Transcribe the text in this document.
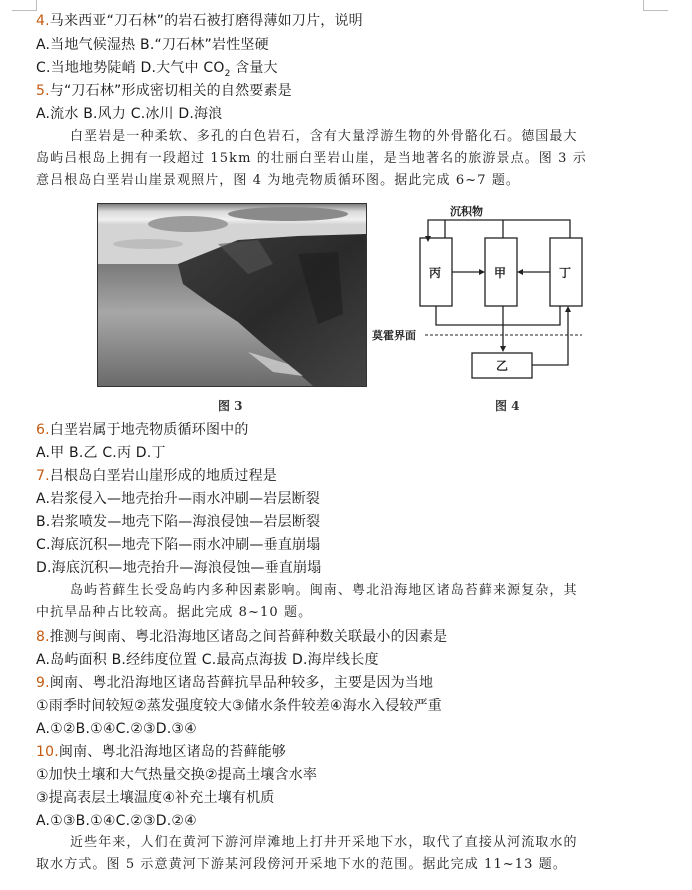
4.马来西亚“刀石林”的岩石被打磨得薄如刀片，说明
A.当地气候湿热 B.“刀石林”岩性坚硬
C.当地地势陡峭 D.大气中 $CO_2$ 含量大
5.与“刀石林”形成密切相关的自然要素是
A.流水 B.风力 C.冰川 D.海浪
白垩岩是一种柔软、多孔的白色岩石，含有大量浮游生物的外骨骼化石。德国最大
岛屿吕根岛上拥有一段超过 15km 的壮丽白垩岩山崖，是当地著名的旅游景点。图 3 示
意吕根岛白垩岩山崖景观照片，图 4 为地壳物质循环图。据此完成 6~7 题。
图 3
沉积物
丙	甲	丁
乙
莫霍界面
图 4
6.白垩岩属于地壳物质循环图中的
A.甲 B.乙 C.丙 D.丁
7.吕根岛白垩岩山崖形成的地质过程是
A.岩浆侵入—地壳抬升—雨水冲刷—岩层断裂
B.岩浆喷发—地壳下陷—海浪侵蚀—岩层断裂
C.海底沉积—地壳下陷—雨水冲刷—垂直崩塌
D.海底沉积—地壳抬升—海浪侵蚀—垂直崩塌
岛屿苔藓生长受岛屿内多种因素影响。闽南、粤北沿海地区诸岛苔藓来源复杂，其
中抗旱品种占比较高。据此完成 8~10 题。
8.推测与闽南、粤北沿海地区诸岛之间苔藓种数关联最小的因素是
A.岛屿面积 B.经纬度位置 C.最高点海拔 D.海岸线长度
9.闽南、粤北沿海地区诸岛苔藓抗旱品种较多，主要是因为当地
①雨季时间较短②蒸发强度较大③储水条件较差④海水入侵较严重
A.①②B.①④C.②③D.③④
10.闽南、粤北沿海地区诸岛的苔藓能够
①加快土壤和大气热量交换②提高土壤含水率
③提高表层土壤温度④补充土壤有机质
A.①③B.①④C.②③D.②④
近些年来，人们在黄河下游河岸滩地上打井开采地下水，取代了直接从河流取水的
取水方式。图 5 示意黄河下游某河段傍河开采地下水的范围。据此完成 11~13 题。
